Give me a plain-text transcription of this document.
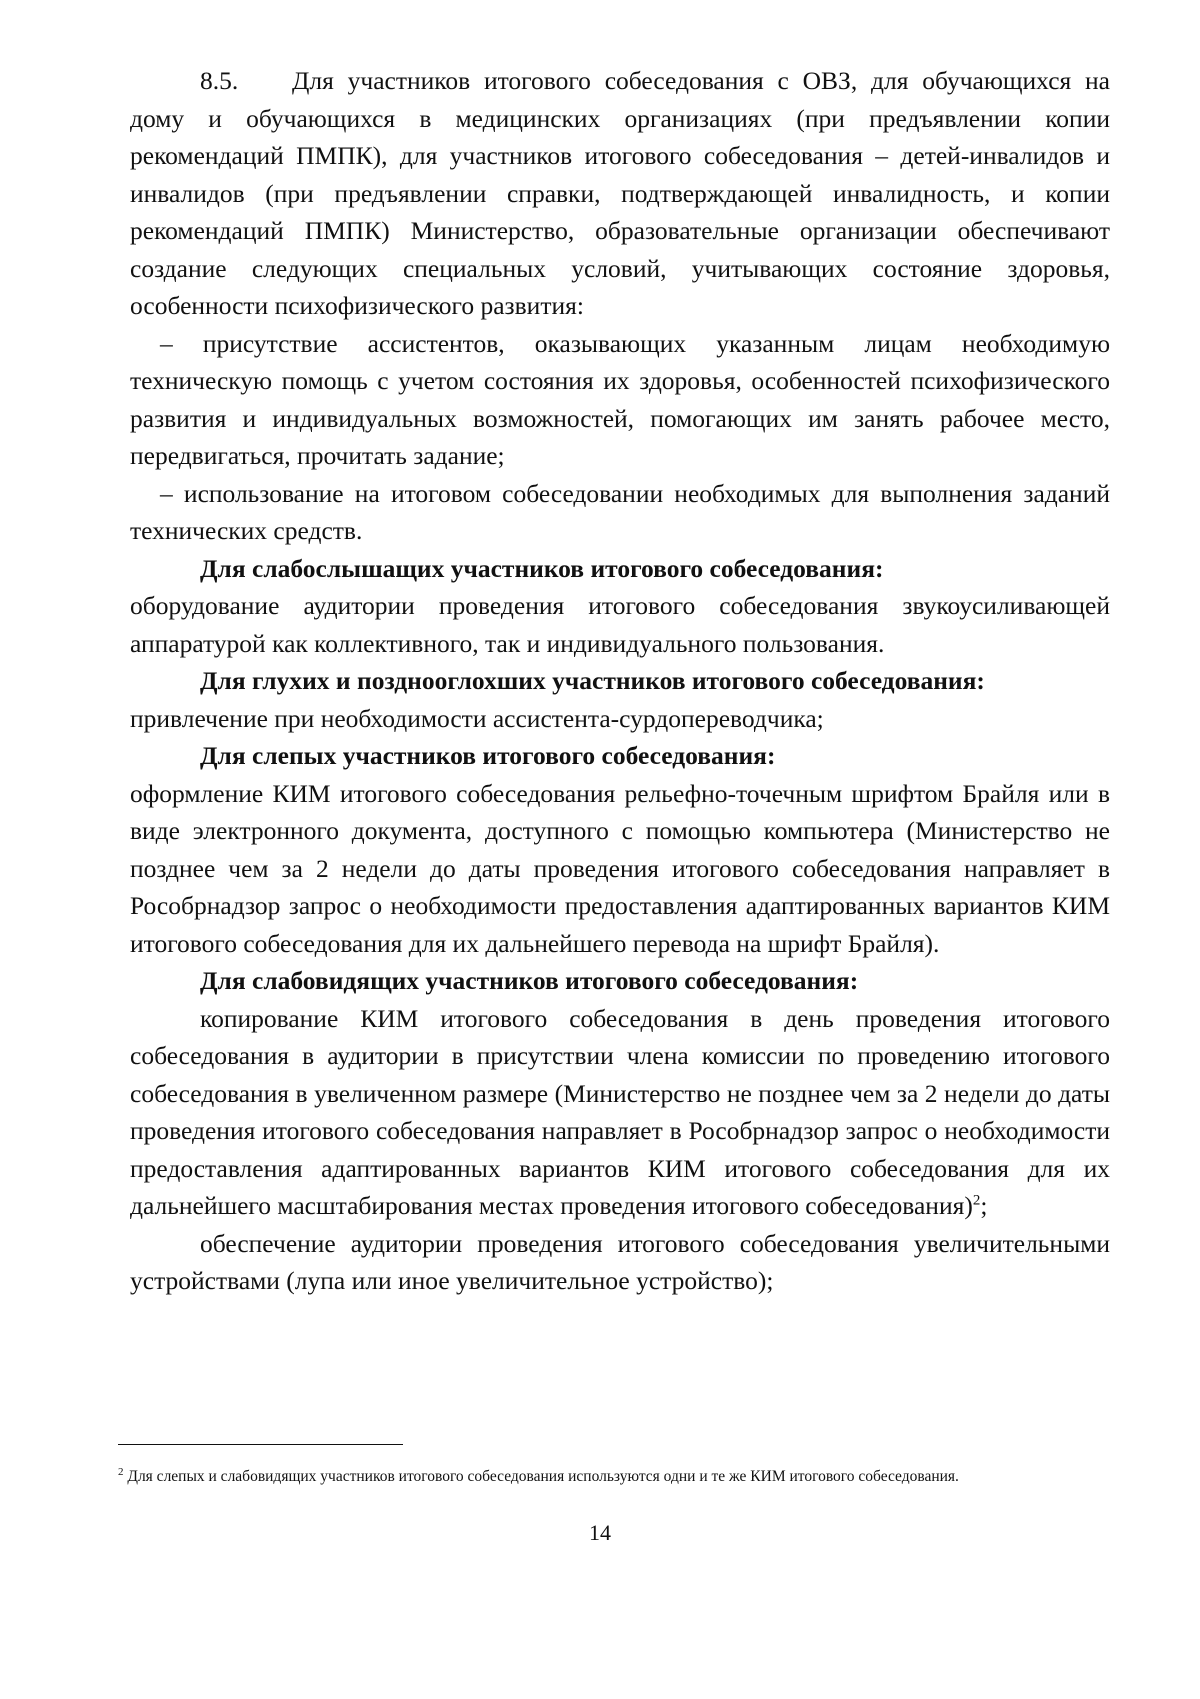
8.5. Для участников итогового собеседования с ОВЗ, для обучающихся на дому и обучающихся в медицинских организациях (при предъявлении копии рекомендаций ПМПК), для участников итогового собеседования – детей-инвалидов и инвалидов (при предъявлении справки, подтверждающей инвалидность, и копии рекомендаций ПМПК) Министерство, образовательные организации обеспечивают создание следующих специальных условий, учитывающих состояние здоровья, особенности психофизического развития:

– присутствие ассистентов, оказывающих указанным лицам необходимую техническую помощь с учетом состояния их здоровья, особенностей психофизического развития и индивидуальных возможностей, помогающих им занять рабочее место, передвигаться, прочитать задание;

– использование на итоговом собеседовании необходимых для выполнения заданий технических средств.

Для слабослышащих участников итогового собеседования:

оборудование аудитории проведения итогового собеседования звукоусиливающей аппаратурой как коллективного, так и индивидуального пользования.

Для глухих и позднооглохших участников итогового собеседования:

привлечение при необходимости ассистента-сурдопереводчика;

Для слепых участников итогового собеседования:

оформление КИМ итогового собеседования рельефно-точечным шрифтом Брайля или в виде электронного документа, доступного с помощью компьютера (Министерство не позднее чем за 2 недели до даты проведения итогового собеседования направляет в Рособрнадзор запрос о необходимости предоставления адаптированных вариантов КИМ итогового собеседования для их дальнейшего перевода на шрифт Брайля).

Для слабовидящих участников итогового собеседования:

копирование КИМ итогового собеседования в день проведения итогового собеседования в аудитории в присутствии члена комиссии по проведению итогового собеседования в увеличенном размере (Министерство не позднее чем за 2 недели до даты проведения итогового собеседования направляет в Рособрнадзор запрос о необходимости предоставления адаптированных вариантов КИМ итогового собеседования для их дальнейшего масштабирования местах проведения итогового собеседования)$^2$;

обеспечение аудитории проведения итогового собеседования увеличительными устройствами (лупа или иное увеличительное устройство);

$^2$ Для слепых и слабовидящих участников итогового собеседования используются одни и те же КИМ итогового собеседования.

14
